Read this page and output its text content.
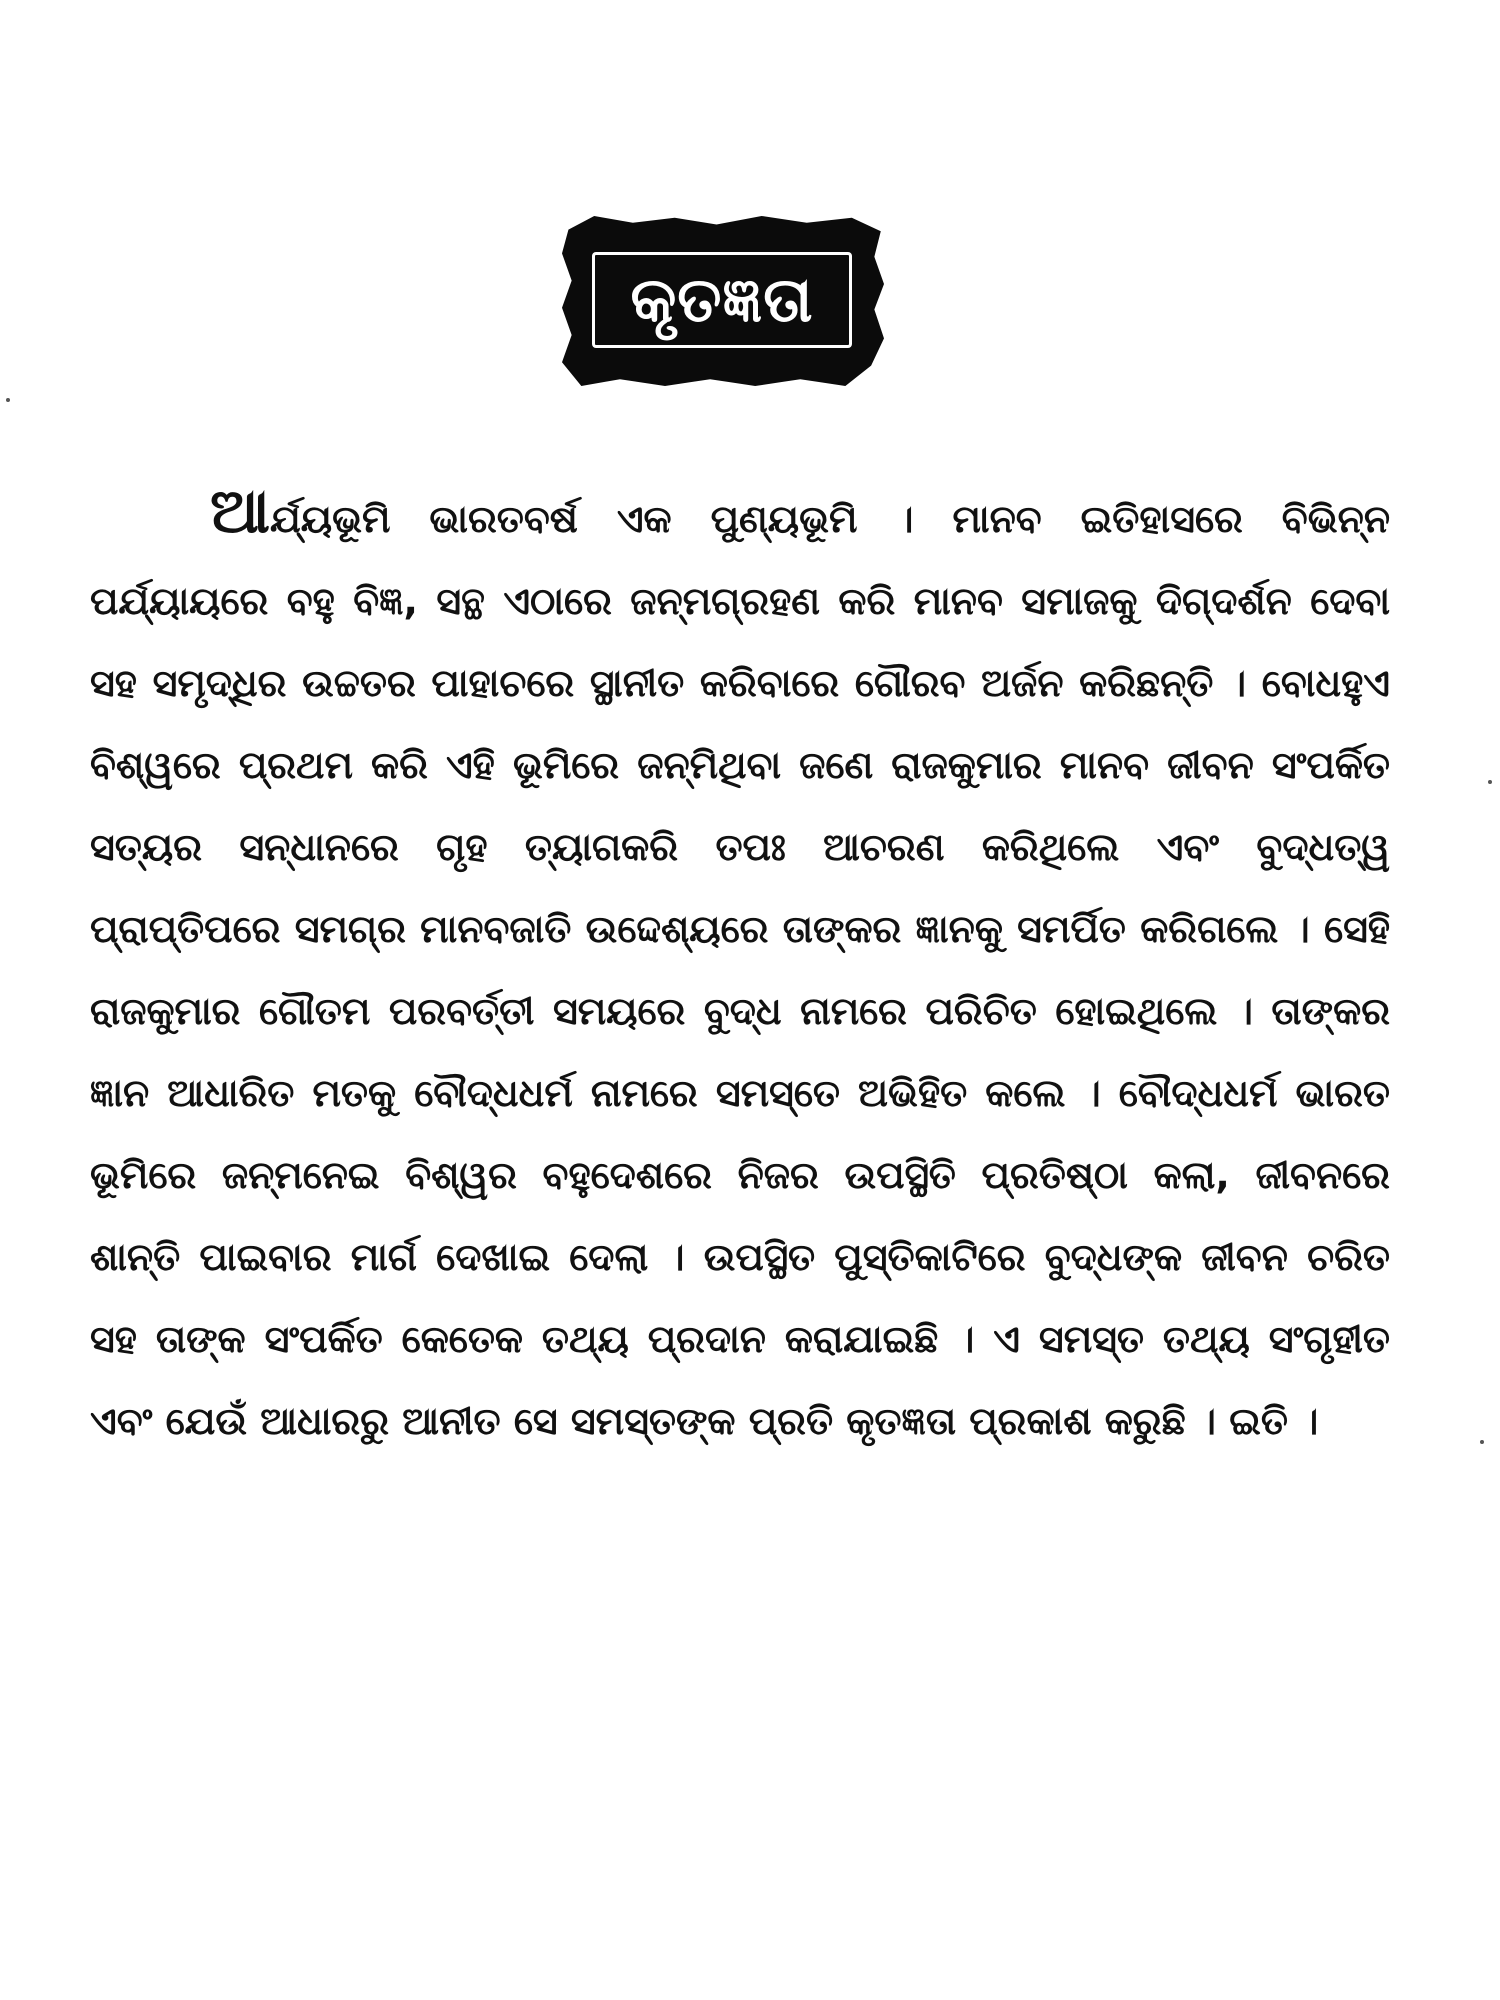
କୃତଜ୍ଞତା

ଆର୍ଯ୍ୟଭୂମି ଭାରତବର୍ଷ ଏକ ପୁଣ୍ୟଭୂମି । ମାନବ ଇତିହାସରେ ବିଭିନ୍ନ ପର୍ଯ୍ୟାୟରେ ବହୁ ବିଜ୍ଞ, ସନ୍ଥ ଏଠାରେ ଜନ୍ମଗ୍ରହଣ କରି ମାନବ ସମାଜକୁ ଦିଗ୍‌ଦର୍ଶନ ଦେବା ସହ ସମୃଦ୍ଧିର ଉଚ୍ଚତର ପାହାଚରେ ସ୍ଥାନୀତ କରିବାରେ ଗୌରବ ଅର୍ଜନ କରିଛନ୍ତି । ବୋଧହୁଏ ବିଶ୍ୱରେ ପ୍ରଥମ କରି ଏହି ଭୂମିରେ ଜନ୍ମିଥିବା ଜଣେ ରାଜକୁମାର ମାନବ ଜୀବନ ସଂପର୍କିତ ସତ୍ୟର ସନ୍ଧାନରେ ଗୃହ ତ୍ୟାଗକରି ତପଃ ଆଚରଣ କରିଥିଲେ ଏବଂ ବୁଦ୍ଧତ୍ୱ ପ୍ରାପ୍ତିପରେ ସମଗ୍ର ମାନବଜାତି ଉଦ୍ଦେଶ୍ୟରେ ତାଙ୍କର ଜ୍ଞାନକୁ ସମର୍ପିତ କରିଗଲେ । ସେହି ରାଜକୁମାର ଗୌତମ ପରବର୍ତ୍ତୀ ସମୟରେ ବୁଦ୍ଧ ନାମରେ ପରିଚିତ ହୋଇଥିଲେ । ତାଙ୍କର ଜ୍ଞାନ ଆଧାରିତ ମତକୁ ବୌଦ୍ଧଧର୍ମ ନାମରେ ସମସ୍ତେ ଅଭିହିତ କଲେ । ବୌଦ୍ଧଧର୍ମ ଭାରତ ଭୂମିରେ ଜନ୍ମନେଇ ବିଶ୍ୱର ବହୁଦେଶରେ ନିଜର ଉପସ୍ଥିତି ପ୍ରତିଷ୍ଠା କଲା, ଜୀବନରେ ଶାନ୍ତି ପାଇବାର ମାର୍ଗ ଦେଖାଇ ଦେଲା । ଉପସ୍ଥିତ ପୁସ୍ତିକାଟିରେ ବୁଦ୍ଧଙ୍କ ଜୀବନ ଚରିତ ସହ ତାଙ୍କ ସଂପର୍କିତ କେତେକ ତଥ୍ୟ ପ୍ରଦାନ କରାଯାଇଛି । ଏ ସମସ୍ତ ତଥ୍ୟ ସଂଗୃହୀତ ଏବଂ ଯେଉଁ ଆଧାରରୁ ଆନୀତ ସେ ସମସ୍ତଙ୍କ ପ୍ରତି କୃତଜ୍ଞତା ପ୍ରକାଶ କରୁଛି । ଇତି ।
